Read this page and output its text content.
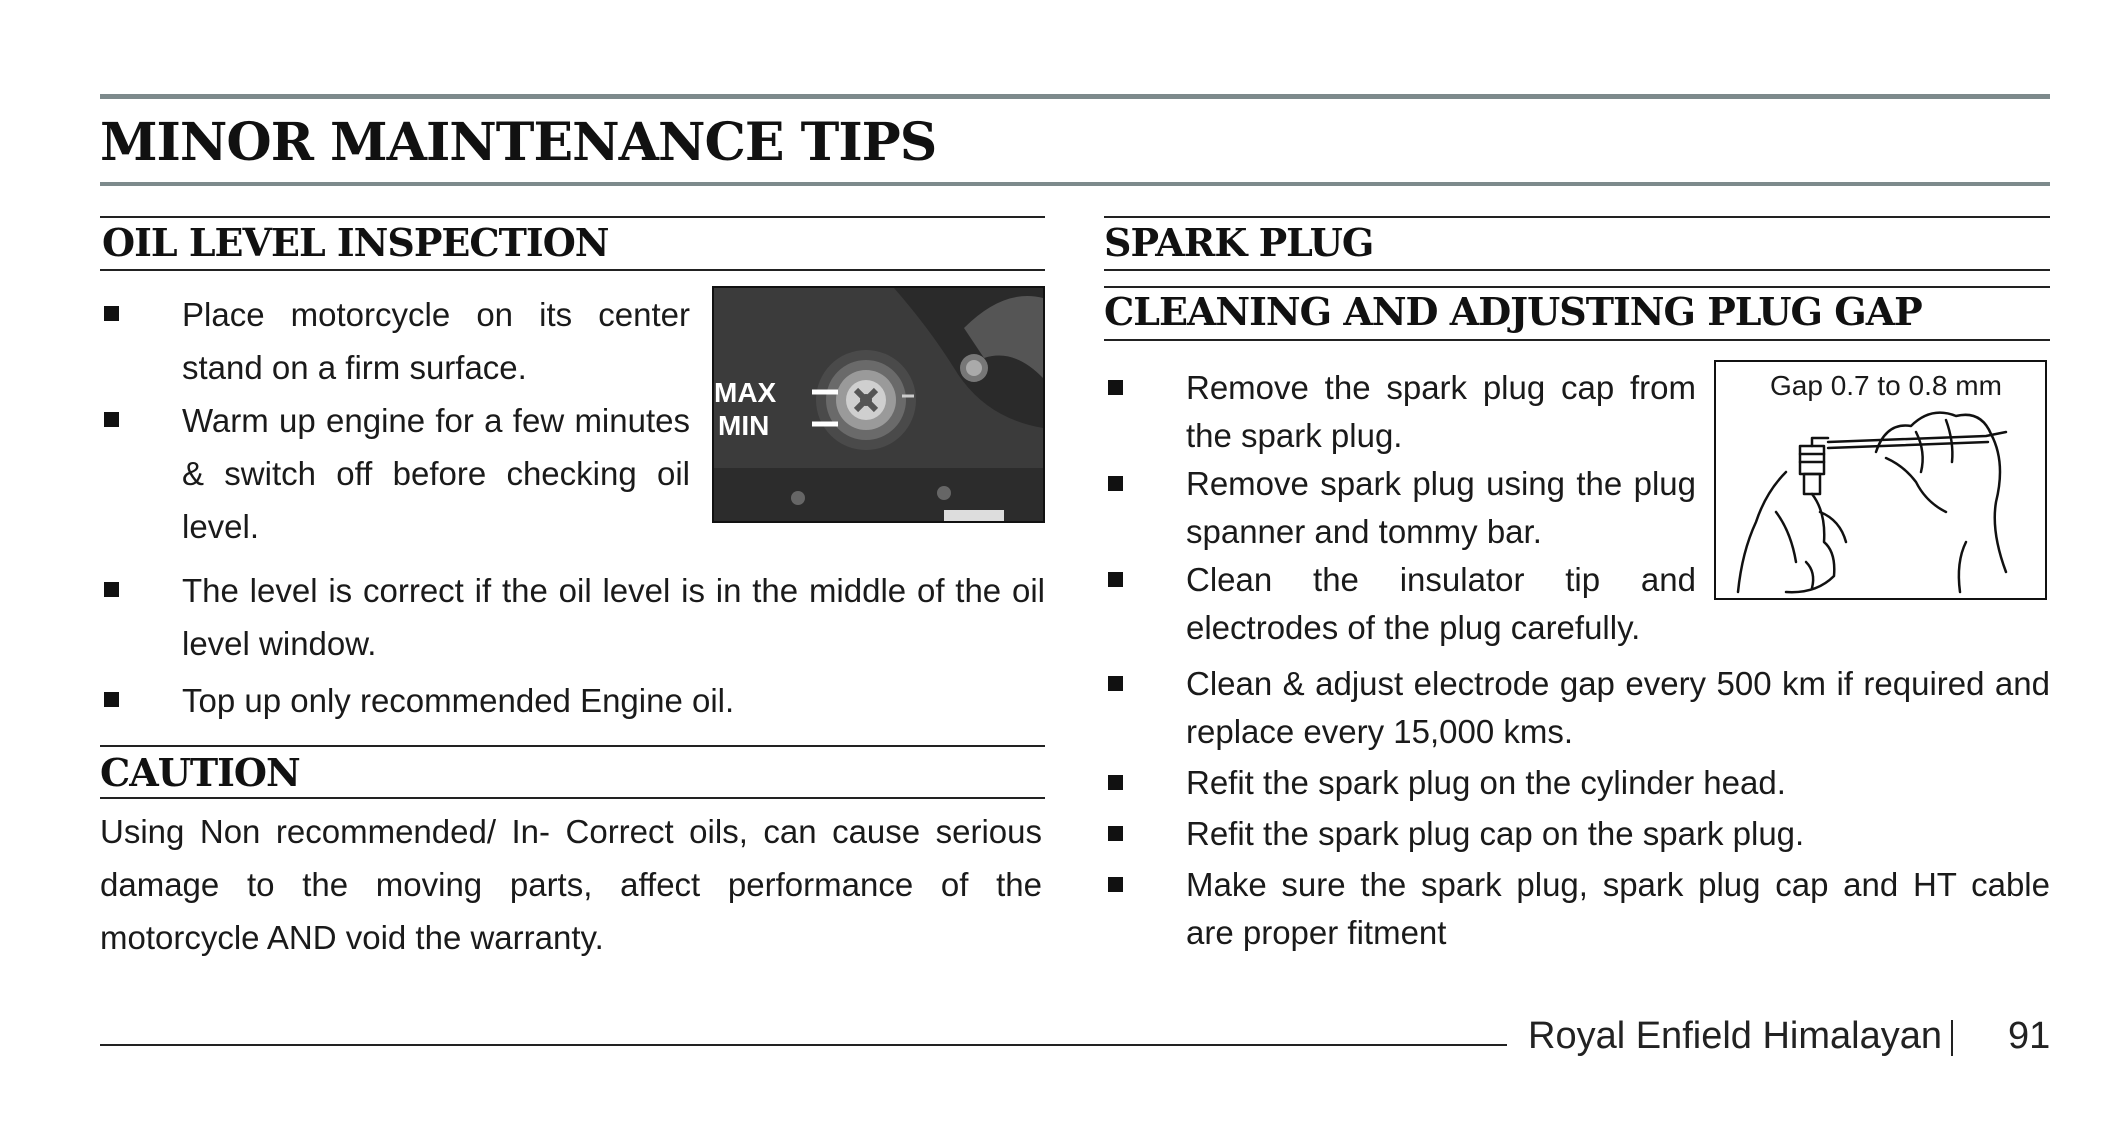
MINOR MAINTENANCE TIPS
OIL LEVEL INSPECTION
Place motorcycle on its center stand on a firm surface.
Warm up engine for a few minutes & switch off before checking oil level.
The level is correct if the oil level is in the middle of the oil level window.
Top up only recommended Engine oil.
MAX
MIN
CAUTION

Using Non recommended/ In- Correct oils, can cause serious damage to the moving parts, affect performance of the motorcycle AND void the warranty.

SPARK PLUG
CLEANING AND ADJUSTING PLUG GAP
Remove the spark plug cap from the spark plug.
Remove spark plug using the plug spanner and tommy bar.
Clean the insulator tip and electrodes of the plug carefully.
Clean & adjust electrode gap every 500 km if required and replace every 15,000 kms.
Refit the spark plug on the cylinder head.
Refit the spark plug cap on the spark plug.
Make sure the spark plug, spark plug cap and HT cable are proper fitment
Gap 0.7 to 0.8 mm
Royal Enfield Himalayan 91
